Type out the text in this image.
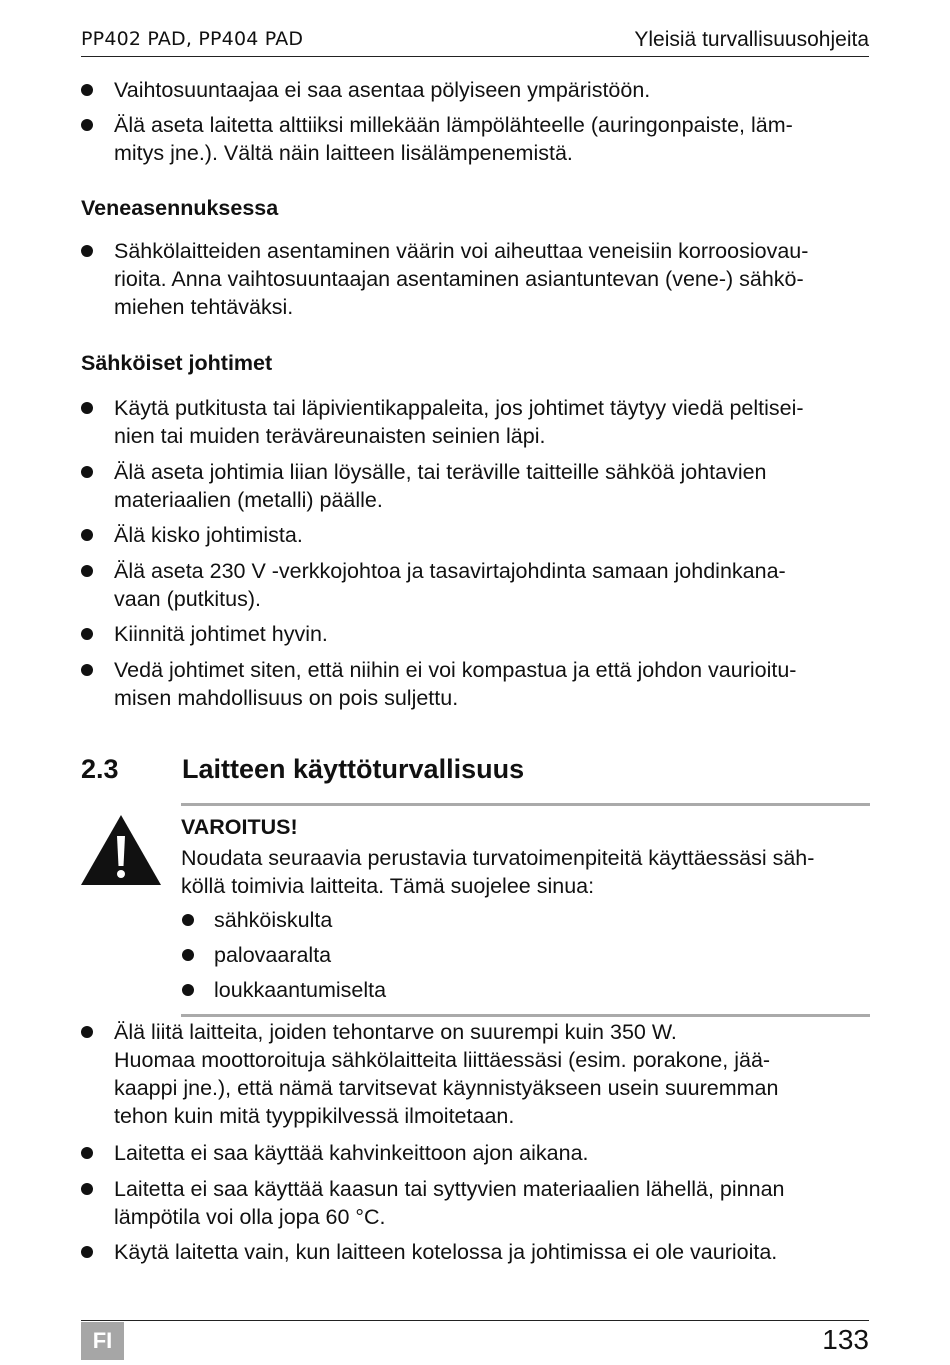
PP402 PAD, PP404 PAD	Yleisiä turvallisuusohjeita
Vaihtosuuntaajaa ei saa asentaa pölyiseen ympäristöön.
Älä aseta laitetta alttiiksi millekään lämpölähteelle (auringonpaiste, läm-
mitys jne.). Vältä näin laitteen lisälämpenemistä.
Veneasennuksessa
Sähkölaitteiden asentaminen väärin voi aiheuttaa veneisiin korroosiovau-
rioita. Anna vaihtosuuntaajan asentaminen asiantuntevan (vene-) sähkö-
miehen tehtäväksi.
Sähköiset johtimet
Käytä putkitusta tai läpivientikappaleita, jos johtimet täytyy viedä peltisei-
nien tai muiden teräväreunaisten seinien läpi.
Älä aseta johtimia liian löysälle, tai teräville taitteille sähköä johtavien
materiaalien (metalli) päälle.
Älä kisko johtimista.
Älä aseta 230 V -verkkojohtoa ja tasavirtajohdinta samaan johdinkana-
vaan (putkitus).
Kiinnitä johtimet hyvin.
Vedä johtimet siten, että niihin ei voi kompastua ja että johdon vaurioitu-
misen mahdollisuus on pois suljettu.
2.3 Laitteen käyttöturvallisuus
VAROITUS!
Noudata seuraavia perustavia turvatoimenpiteitä käyttäessäsi säh-
köllä toimivia laitteita. Tämä suojelee sinua:
sähköiskulta
palovaaralta
loukkaantumiselta
Älä liitä laitteita, joiden tehontarve on suurempi kuin 350 W.
Huomaa moottoroituja sähkölaitteita liittäessäsi (esim. porakone, jää-
kaappi jne.), että nämä tarvitsevat käynnistyäkseen usein suuremman
tehon kuin mitä tyyppikilvessä ilmoitetaan.
Laitetta ei saa käyttää kahvinkeittoon ajon aikana.
Laitetta ei saa käyttää kaasun tai syttyvien materiaalien lähellä, pinnan
lämpötila voi olla jopa 60 °C.
Käytä laitetta vain, kun laitteen kotelossa ja johtimissa ei ole vaurioita.
FI	133
